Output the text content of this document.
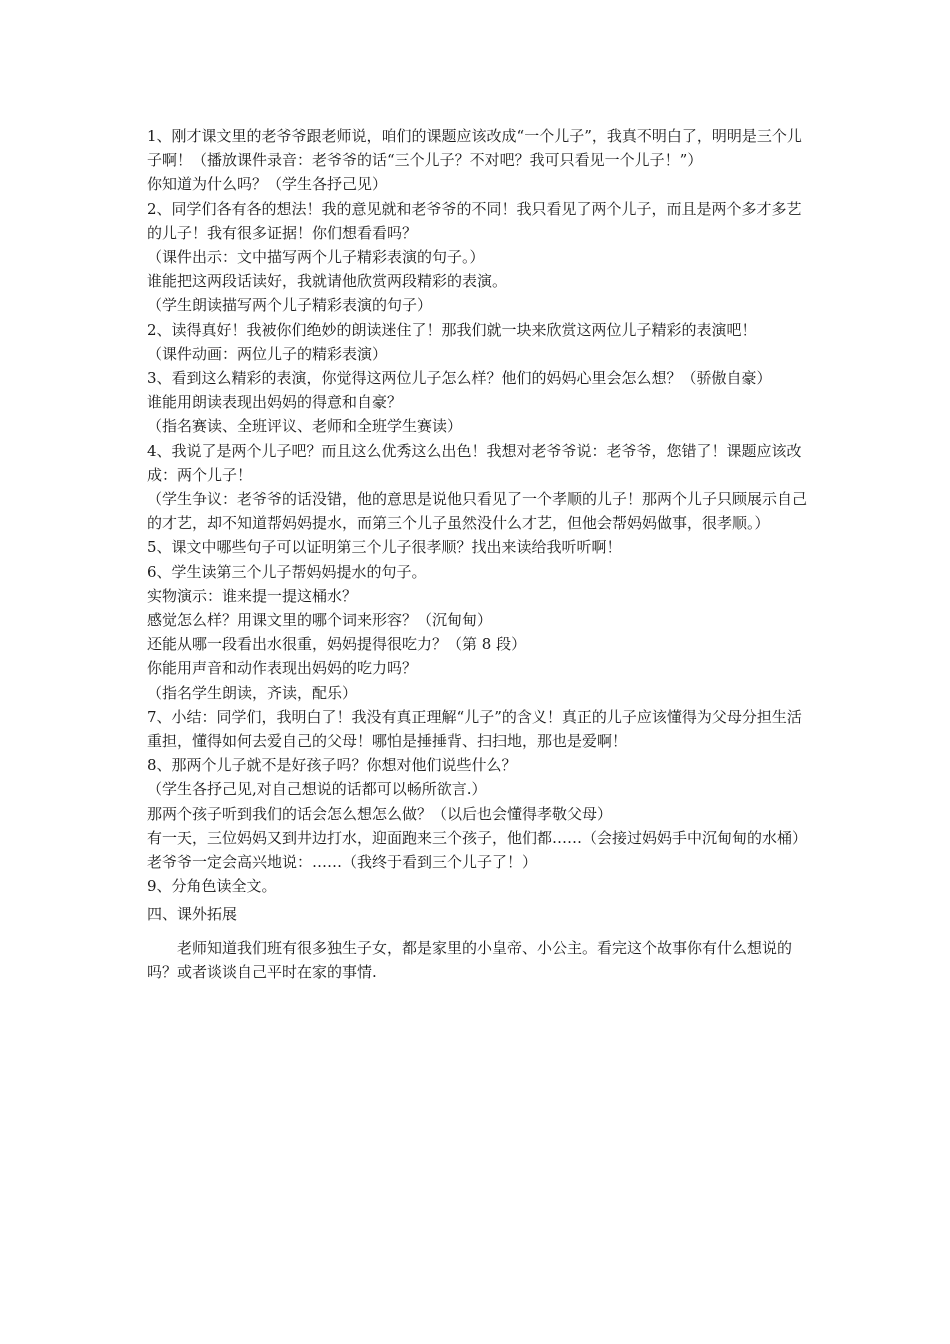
1、刚才课文里的老爷爷跟老师说，咱们的课题应该改成“一个儿子”，我真不明白了，明明是三个儿子啊！（播放课件录音：老爷爷的话“三个儿子？不对吧？我可只看见一个儿子！”）

你知道为什么吗？（学生各抒己见）

2、同学们各有各的想法！我的意见就和老爷爷的不同！我只看见了两个儿子，而且是两个多才多艺的儿子！我有很多证据！你们想看看吗？

（课件出示：文中描写两个儿子精彩表演的句子。）

谁能把这两段话读好，我就请他欣赏两段精彩的表演。

（学生朗读描写两个儿子精彩表演的句子）

2、读得真好！我被你们绝妙的朗读迷住了！那我们就一块来欣赏这两位儿子精彩的表演吧！

（课件动画：两位儿子的精彩表演）

3、看到这么精彩的表演，你觉得这两位儿子怎么样？他们的妈妈心里会怎么想？（骄傲自豪）

谁能用朗读表现出妈妈的得意和自豪？

（指名赛读、全班评议、老师和全班学生赛读）

4、我说了是两个儿子吧？而且这么优秀这么出色！我想对老爷爷说：老爷爷，您错了！课题应该改成：两个儿子！

（学生争议：老爷爷的话没错，他的意思是说他只看见了一个孝顺的儿子！那两个儿子只顾展示自己的才艺，却不知道帮妈妈提水，而第三个儿子虽然没什么才艺，但他会帮妈妈做事，很孝顺。）

5、课文中哪些句子可以证明第三个儿子很孝顺？找出来读给我听听啊！

6、学生读第三个儿子帮妈妈提水的句子。

实物演示：谁来提一提这桶水？

感觉怎么样？用课文里的哪个词来形容？（沉甸甸）

还能从哪一段看出水很重，妈妈提得很吃力？（第 8 段）

你能用声音和动作表现出妈妈的吃力吗？

（指名学生朗读，齐读，配乐）

7、小结：同学们，我明白了！我没有真正理解“儿子”的含义！真正的儿子应该懂得为父母分担生活重担，懂得如何去爱自己的父母！哪怕是捶捶背、扫扫地，那也是爱啊！

8、那两个儿子就不是好孩子吗？你想对他们说些什么？

（学生各抒己见,对自己想说的话都可以畅所欲言.）

那两个孩子听到我们的话会怎么想怎么做？（以后也会懂得孝敬父母）

有一天，三位妈妈又到井边打水，迎面跑来三个孩子，他们都……（会接过妈妈手中沉甸甸的水桶）老爷爷一定会高兴地说：……（我终于看到三个儿子了！）

9、分角色读全文。

四、课外拓展

老师知道我们班有很多独生子女，都是家里的小皇帝、小公主。看完这个故事你有什么想说的吗？或者谈谈自己平时在家的事情.
